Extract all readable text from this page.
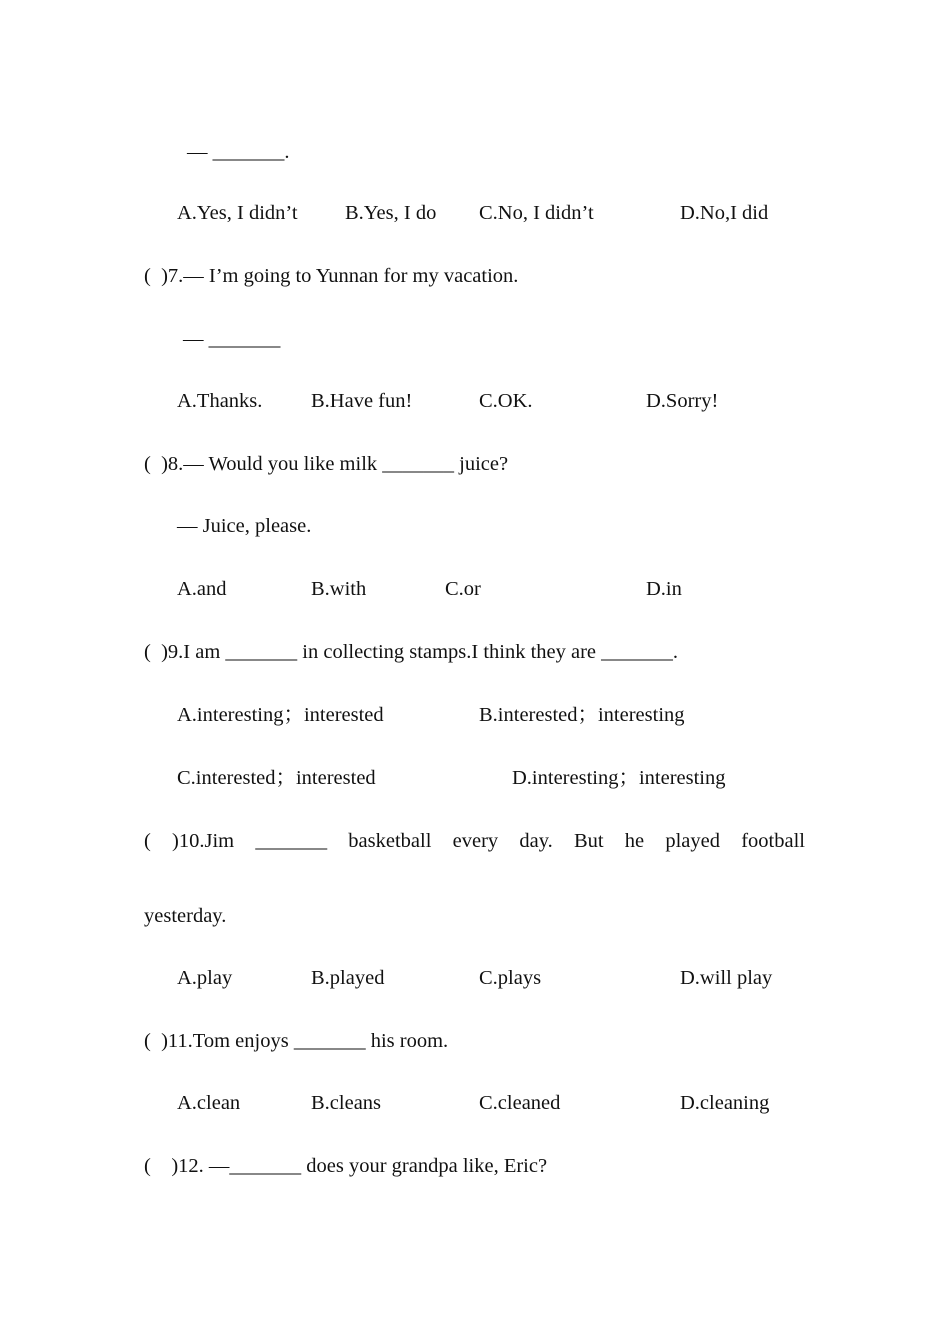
— _______.
A.Yes, I didn’t B.Yes, I do C.No, I didn’t	D.No,I did
(  )7.— I’m going to Yunnan for my vacation.
— _______
A.Thanks. B.Have fun!	C.OK.	D.Sorry!
(  )8.— Would you like milk _______ juice?
— Juice, please.
A.and	B.with	C.or	D.in
(  )9.I am _______ in collecting stamps.I think they are _______.
A.interesting；interested	B.interested；interesting
C.interested；interested	D.interesting；interesting
( )10.Jim _______ basketball every day. But he played football
yesterday.
A.play	B.played	C.plays	D.will play
(  )11.Tom enjoys _______ his room.
A.clean	B.cleans	C.cleaned	D.cleaning
(    )12. —_______ does your grandpa like, Eric?
